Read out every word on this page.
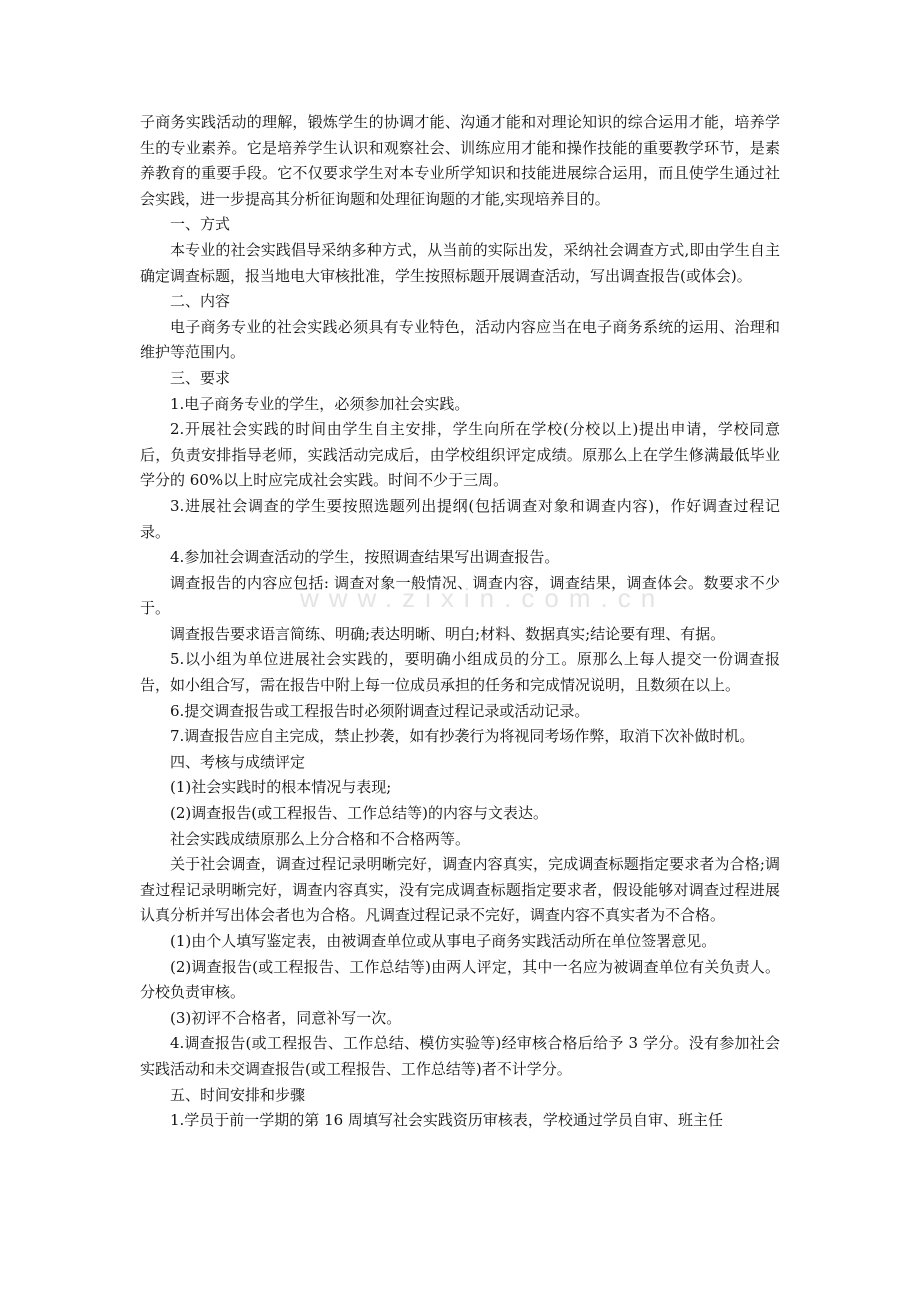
www.zixin.com.cn

子商务实践活动的理解，锻炼学生的协调才能、沟通才能和对理论知识的综合运用才能，培养学生的专业素养。它是培养学生认识和观察社会、训练应用才能和操作技能的重要教学环节，是素养教育的重要手段。它不仅要求学生对本专业所学知识和技能进展综合运用，而且使学生通过社会实践，进一步提高其分析征询题和处理征询题的才能,实现培养目的。

一、方式

本专业的社会实践倡导采纳多种方式，从当前的实际出发，采纳社会调查方式,即由学生自主确定调查标题，报当地电大审核批准，学生按照标题开展调查活动，写出调查报告(或体会)。

二、内容

电子商务专业的社会实践必须具有专业特色，活动内容应当在电子商务系统的运用、治理和维护等范围内。

三、要求

1.电子商务专业的学生，必须参加社会实践。

2.开展社会实践的时间由学生自主安排，学生向所在学校(分校以上)提出申请，学校同意后，负责安排指导老师，实践活动完成后，由学校组织评定成绩。原那么上在学生修满最低毕业学分的 60%以上时应完成社会实践。时间不少于三周。

3.进展社会调查的学生要按照选题列出提纲(包括调查对象和调查内容)，作好调查过程记录。

4.参加社会调查活动的学生，按照调查结果写出调查报告。

调查报告的内容应包括: 调查对象一般情况、调查内容，调查结果，调查体会。数要求不少于。

调查报告要求语言简练、明确;表达明晰、明白;材料、数据真实;结论要有理、有据。

5.以小组为单位进展社会实践的，要明确小组成员的分工。原那么上每人提交一份调查报告，如小组合写，需在报告中附上每一位成员承担的任务和完成情况说明，且数须在以上。

6.提交调查报告或工程报告时必须附调查过程记录或活动记录。

7.调查报告应自主完成，禁止抄袭，如有抄袭行为将视同考场作弊，取消下次补做时机。

四、考核与成绩评定

(1)社会实践时的根本情况与表现;

(2)调查报告(或工程报告、工作总结等)的内容与文表达。

社会实践成绩原那么上分合格和不合格两等。

关于社会调查，调查过程记录明晰完好，调查内容真实，完成调查标题指定要求者为合格;调查过程记录明晰完好，调查内容真实，没有完成调查标题指定要求者，假设能够对调查过程进展认真分析并写出体会者也为合格。凡调查过程记录不完好，调查内容不真实者为不合格。

(1)由个人填写鉴定表，由被调查单位或从事电子商务实践活动所在单位签署意见。

(2)调查报告(或工程报告、工作总结等)由两人评定，其中一名应为被调查单位有关负责人。分校负责审核。

(3)初评不合格者，同意补写一次。

4.调查报告(或工程报告、工作总结、模仿实验等)经审核合格后给予 3 学分。没有参加社会实践活动和未交调查报告(或工程报告、工作总结等)者不计学分。

五、时间安排和步骤

1.学员于前一学期的第 16 周填写社会实践资历审核表，学校通过学员自审、班主任
